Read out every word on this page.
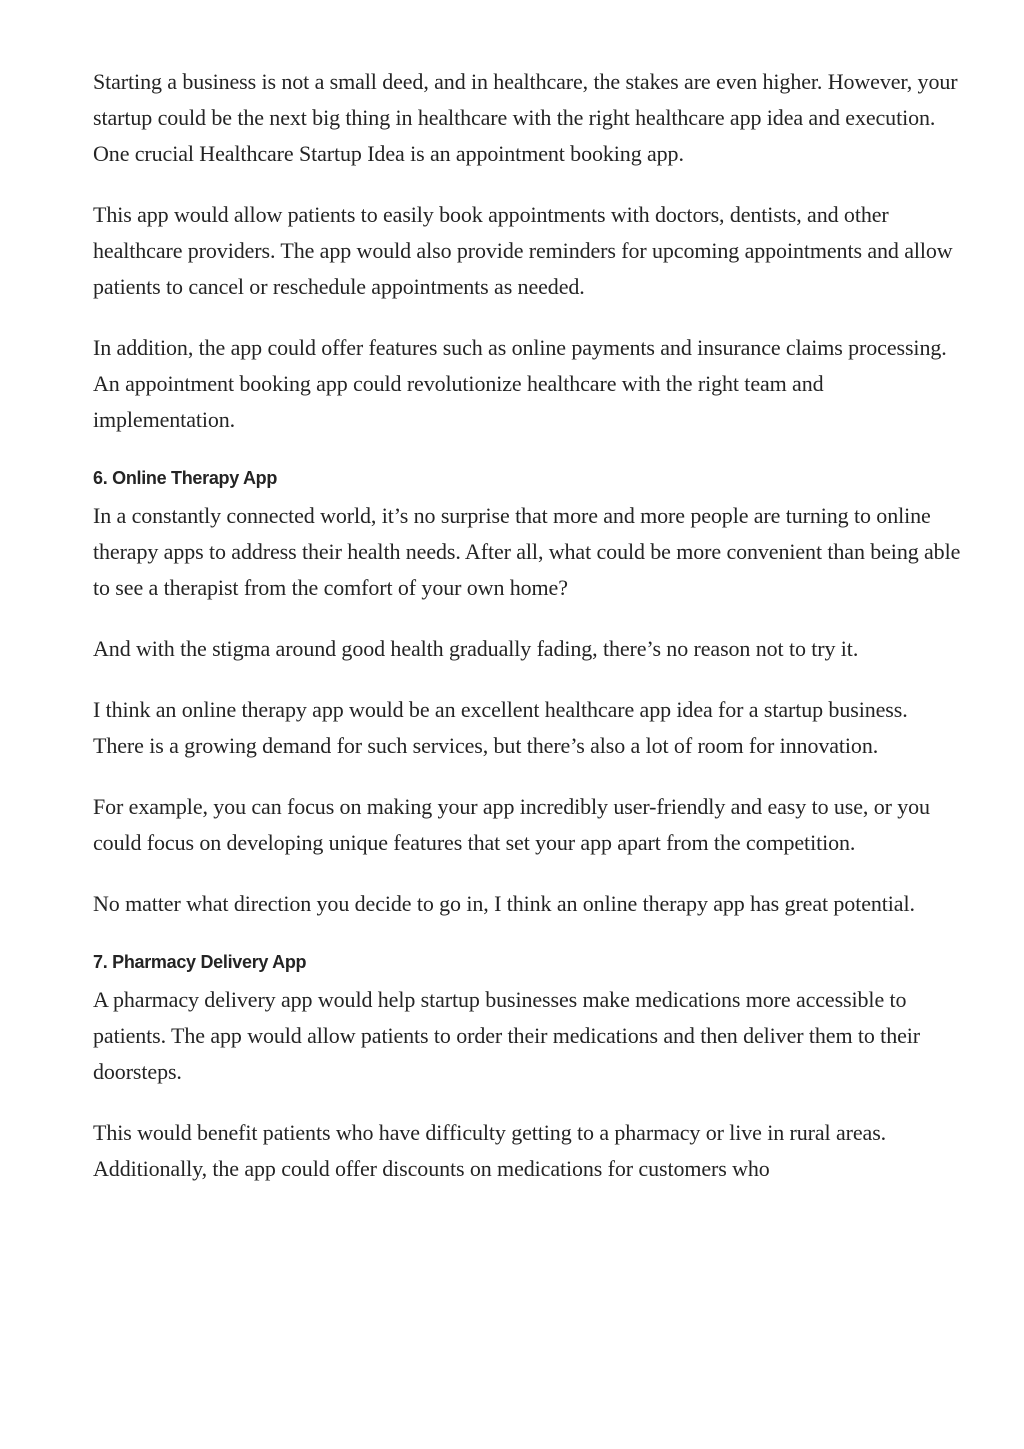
Starting a business is not a small deed, and in healthcare, the stakes are even higher. However, your startup could be the next big thing in healthcare with the right healthcare app idea and execution. One crucial Healthcare Startup Idea is an appointment booking app.

This app would allow patients to easily book appointments with doctors, dentists, and other healthcare providers. The app would also provide reminders for upcoming appointments and allow patients to cancel or reschedule appointments as needed.

In addition, the app could offer features such as online payments and insurance claims processing. An appointment booking app could revolutionize healthcare with the right team and implementation.

6. Online Therapy App

In a constantly connected world, it’s no surprise that more and more people are turning to online therapy apps to address their health needs. After all, what could be more convenient than being able to see a therapist from the comfort of your own home?

And with the stigma around good health gradually fading, there’s no reason not to try it.

I think an online therapy app would be an excellent healthcare app idea for a startup business. There is a growing demand for such services, but there’s also a lot of room for innovation.

For example, you can focus on making your app incredibly user-friendly and easy to use, or you could focus on developing unique features that set your app apart from the competition.

No matter what direction you decide to go in, I think an online therapy app has great potential.

7. Pharmacy Delivery App

A pharmacy delivery app would help startup businesses make medications more accessible to patients. The app would allow patients to order their medications and then deliver them to their doorsteps.

This would benefit patients who have difficulty getting to a pharmacy or live in rural areas. Additionally, the app could offer discounts on medications for customers who
